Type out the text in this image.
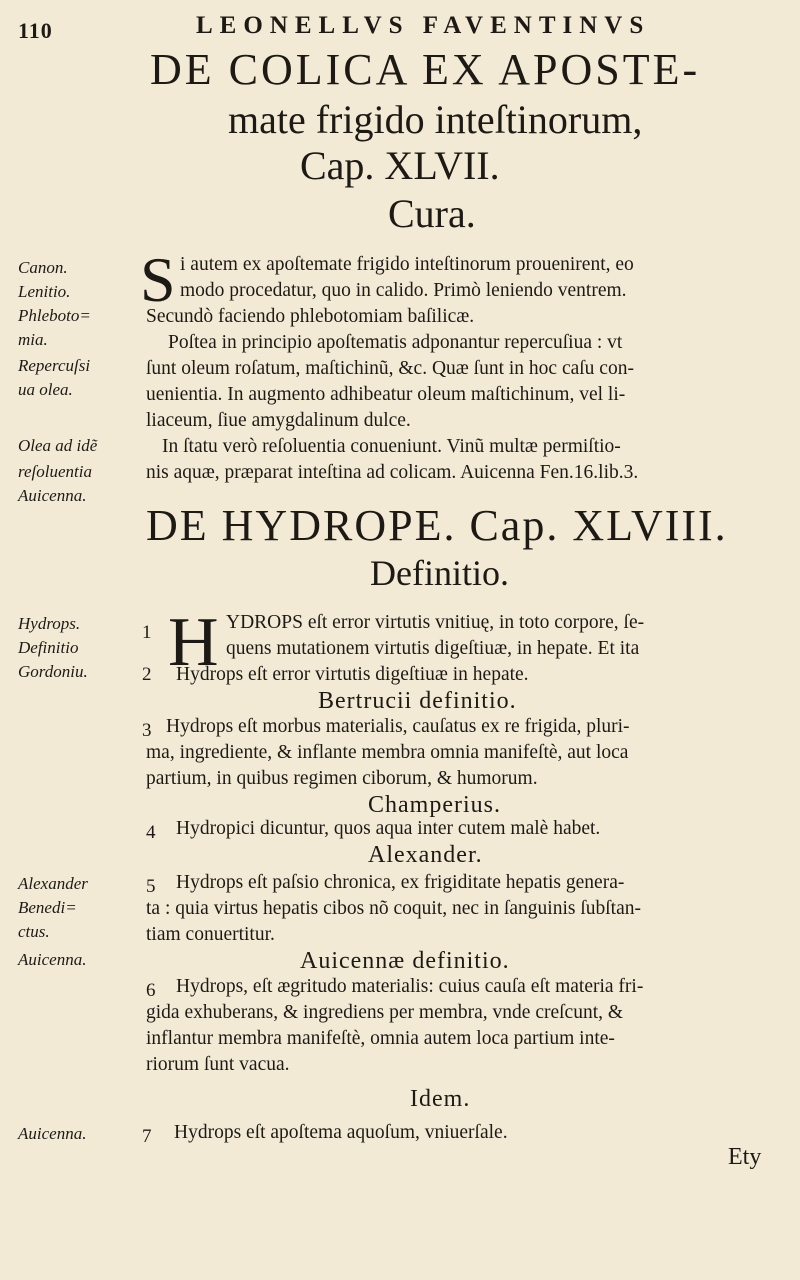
110	LEONELLVS FAVENTINVS
DE COLICA EX APOSTE-
mate frigido inteſtinorum,
Cap. XLVII.
Cura.
S i autem ex apoſtemate frigido inteſtinorum prouenirent, eo
modo procedatur, quo in calido. Primò leniendo ventrem.
Secundò faciendo phlebotomiam baſilicæ.
Poſtea in principio apoſtematis adponantur repercuſiua : vt
ſunt oleum roſatum, maſtichinũ, &c. Quæ ſunt in hoc caſu con-
uenientia. In augmento adhibeatur oleum maſtichinum, vel li-
liaceum, ſiue amygdalinum dulce.
In ſtatu verò reſoluentia conueniunt. Vinũ multæ permiſtio-
nis aquæ, præparat inteſtina ad colicam. Auicenna Fen.16.lib.3.
DE HYDROPE. Cap. XLVIII.
Definitio.
1 H YDROPS eſt error virtutis vnitiuę, in toto corpore, ſe-
quens mutationem virtutis digeſtiuæ, in hepate. Et ita
2 Hydrops eſt error virtutis digeſtiuæ in hepate.
Bertrucii definitio.
3 Hydrops eſt morbus materialis, cauſatus ex re frigida, pluri-
ma, ingrediente, & inflante membra omnia manifeſtè, aut loca
partium, in quibus regimen ciborum, & humorum.
Champerius.
4 Hydropici dicuntur, quos aqua inter cutem malè habet.
Alexander.
5 Hydrops eſt paſsio chronica, ex frigiditate hepatis genera-
ta : quia virtus hepatis cibos nõ coquit, nec in ſanguinis ſubſtan-
tiam conuertitur.
Auicennæ definitio.
6 Hydrops, eſt ægritudo materialis: cuius cauſa eſt materia fri-
gida exhuberans, & ingrediens per membra, vnde creſcunt, &
inflantur membra manifeſtè, omnia autem loca partium inte-
riorum ſunt vacua.
Idem.
7 Hydrops eſt apoſtema aquoſum, vniuerſale.
Ety
Canon.
Lenitio.
Phleboto=
mia.
Repercuſsi
ua olea.
Olea ad idẽ
reſoluentia
Auicenna.
Hydrops.
Definitio
Gordoniu.
Alexander
Benedi=
ctus.
Auicenna.
Auicenna.
